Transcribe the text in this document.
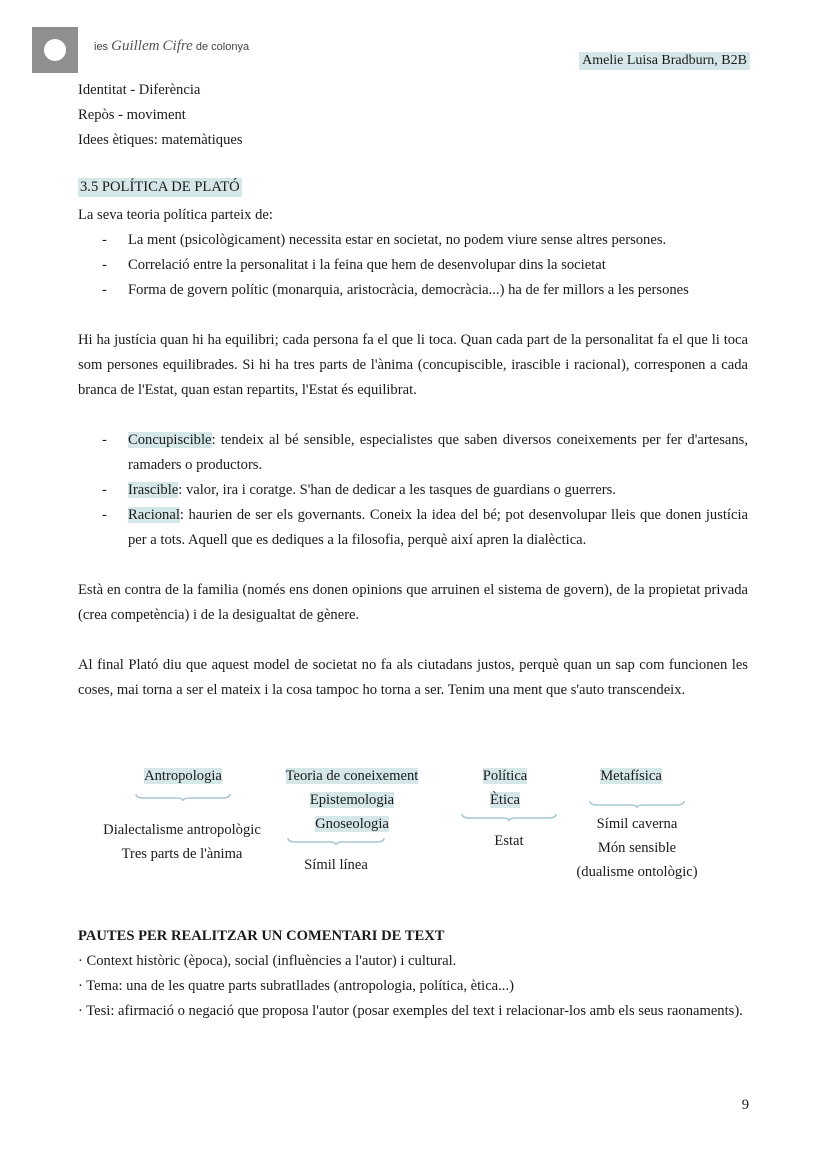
ies Guillem Cifre de colonya
Amelie Luisa Bradburn, B2B
Identitat - Diferència
Repòs - moviment
Idees ètiques: matemàtiques
3.5 POLÍTICA DE PLATÓ
La seva teoria política parteix de:
- La ment (psicològicament) necessita estar en societat, no podem viure sense altres persones.
- Correlació entre la personalitat i la feina que hem de desenvolupar dins la societat
- Forma de govern polític (monarquia, aristocràcia, democràcia...) ha de fer millors a les persones
Hi ha justícia quan hi ha equilibri; cada persona fa el que li toca. Quan cada part de la personalitat fa el que li toca som persones equilibrades. Si hi ha tres parts de l'ànima (concupiscible, irascible i racional), corresponen a cada branca de l'Estat, quan estan repartits, l'Estat és equilibrat.
- Concupiscible: tendeix al bé sensible, especialistes que saben diversos coneixements per fer d'artesans, ramaders o productors.
- Irascible: valor, ira i coratge. S'han de dedicar a les tasques de guardians o guerrers.
- Racional: haurien de ser els governants. Coneix la idea del bé; pot desenvolupar lleis que donen justícia per a tots. Aquell que es dediques a la filosofia, perquè així apren la dialèctica.
Està en contra de la familia (només ens donen opinions que arruinen el sistema de govern), de la propietat privada (crea competència) i de la desigualtat de gènere.
Al final Plató diu que aquest model de societat no fa als ciutadans justos, perquè quan un sap com funcionen les coses, mai torna a ser el mateix i la cosa tampoc ho torna a ser. Tenim una ment que s'auto transcendeix.
Antropologia
Dialectalisme antropològic
Tres parts de l'ànima
Teoria de coneixement
Epistemologia
Gnoseologia
Símil línea
Política
Ètica
Estat
Metafísica
Símil caverna
Món sensible
(dualisme ontològic)
PAUTES PER REALITZAR UN COMENTARI DE TEXT
· Context històric (època), social (influències a l'autor) i cultural.
· Tema: una de les quatre parts subratllades (antropologia, política, ètica...)
· Tesi: afirmació o negació que proposa l'autor (posar exemples del text i relacionar-los amb els seus raonaments).
9
